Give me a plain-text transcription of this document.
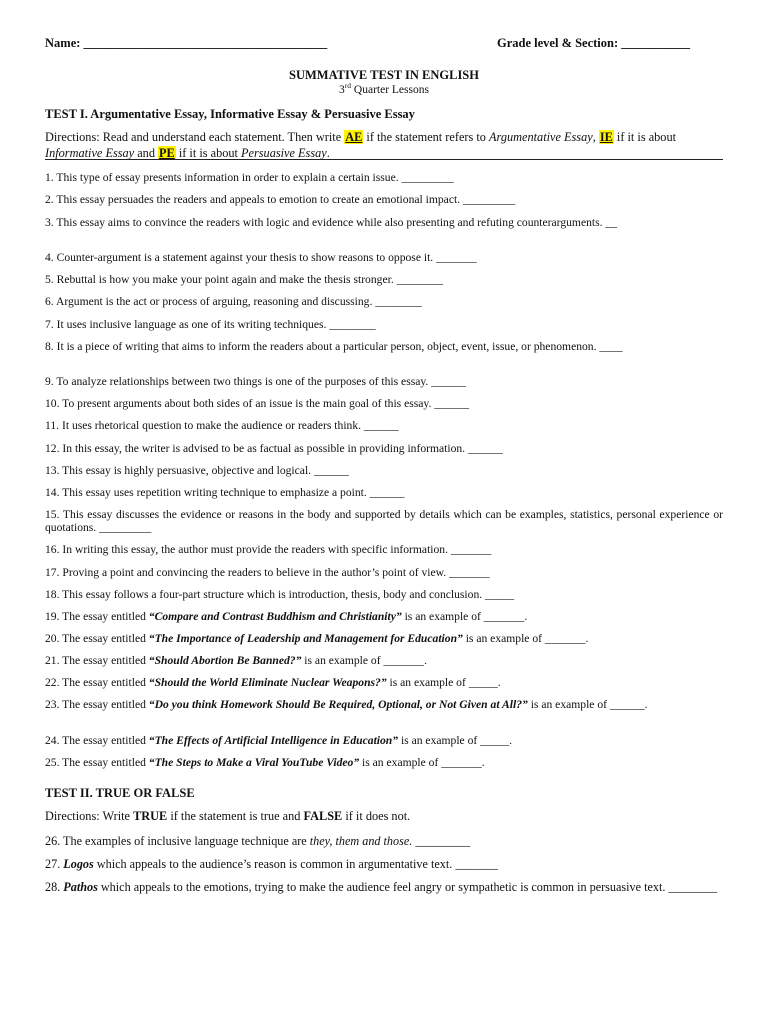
Name: _______________________________________	Grade level & Section: ___________
SUMMATIVE TEST IN ENGLISH
3rd Quarter Lessons
TEST I. Argumentative Essay, Informative Essay & Persuasive Essay
Directions: Read and understand each statement. Then write AE if the statement refers to Argumentative Essay, IE if it is about Informative Essay and PE if it is about Persuasive Essay.
1. This type of essay presents information in order to explain a certain issue. _________
2. This essay persuades the readers and appeals to emotion to create an emotional impact. _________
3. This essay aims to convince the readers with logic and evidence while also presenting and refuting counterarguments. __
4. Counter-argument is a statement against your thesis to show reasons to oppose it. _______
5. Rebuttal is how you make your point again and make the thesis stronger. ________
6. Argument is the act or process of arguing, reasoning and discussing. ________
7. It uses inclusive language as one of its writing techniques. ________
8. It is a piece of writing that aims to inform the readers about a particular person, object, event, issue, or phenomenon. ____
9. To analyze relationships between two things is one of the purposes of this essay. ______
10. To present arguments about both sides of an issue is the main goal of this essay. ______
11. It uses rhetorical question to make the audience or readers think. ______
12. In this essay, the writer is advised to be as factual as possible in providing information. ______
13. This essay is highly persuasive, objective and logical. ______
14. This essay uses repetition writing technique to emphasize a point. ______
15. This essay discusses the evidence or reasons in the body and supported by details which can be examples, statistics, personal experience or quotations. _________
16. In writing this essay, the author must provide the readers with specific information. _______
17. Proving a point and convincing the readers to believe in the author’s point of view. _______
18. This essay follows a four-part structure which is introduction, thesis, body and conclusion. _____
19. The essay entitled “Compare and Contrast Buddhism and Christianity” is an example of _______.
20. The essay entitled “The Importance of Leadership and Management for Education” is an example of _______.
21. The essay entitled “Should Abortion Be Banned?” is an example of _______.
22. The essay entitled “Should the World Eliminate Nuclear Weapons?” is an example of _____.
23. The essay entitled “Do you think Homework Should Be Required, Optional, or Not Given at All?” is an example of ______.
24. The essay entitled “The Effects of Artificial Intelligence in Education” is an example of _____.
25. The essay entitled “The Steps to Make a Viral YouTube Video” is an example of _______.
TEST II. TRUE OR FALSE
Directions: Write TRUE if the statement is true and FALSE if it does not.
26. The examples of inclusive language technique are they, them and those. _________
27. Logos which appeals to the audience’s reason is common in argumentative text. _______
28. Pathos which appeals to the emotions, trying to make the audience feel angry or sympathetic is common in persuasive text. ________
